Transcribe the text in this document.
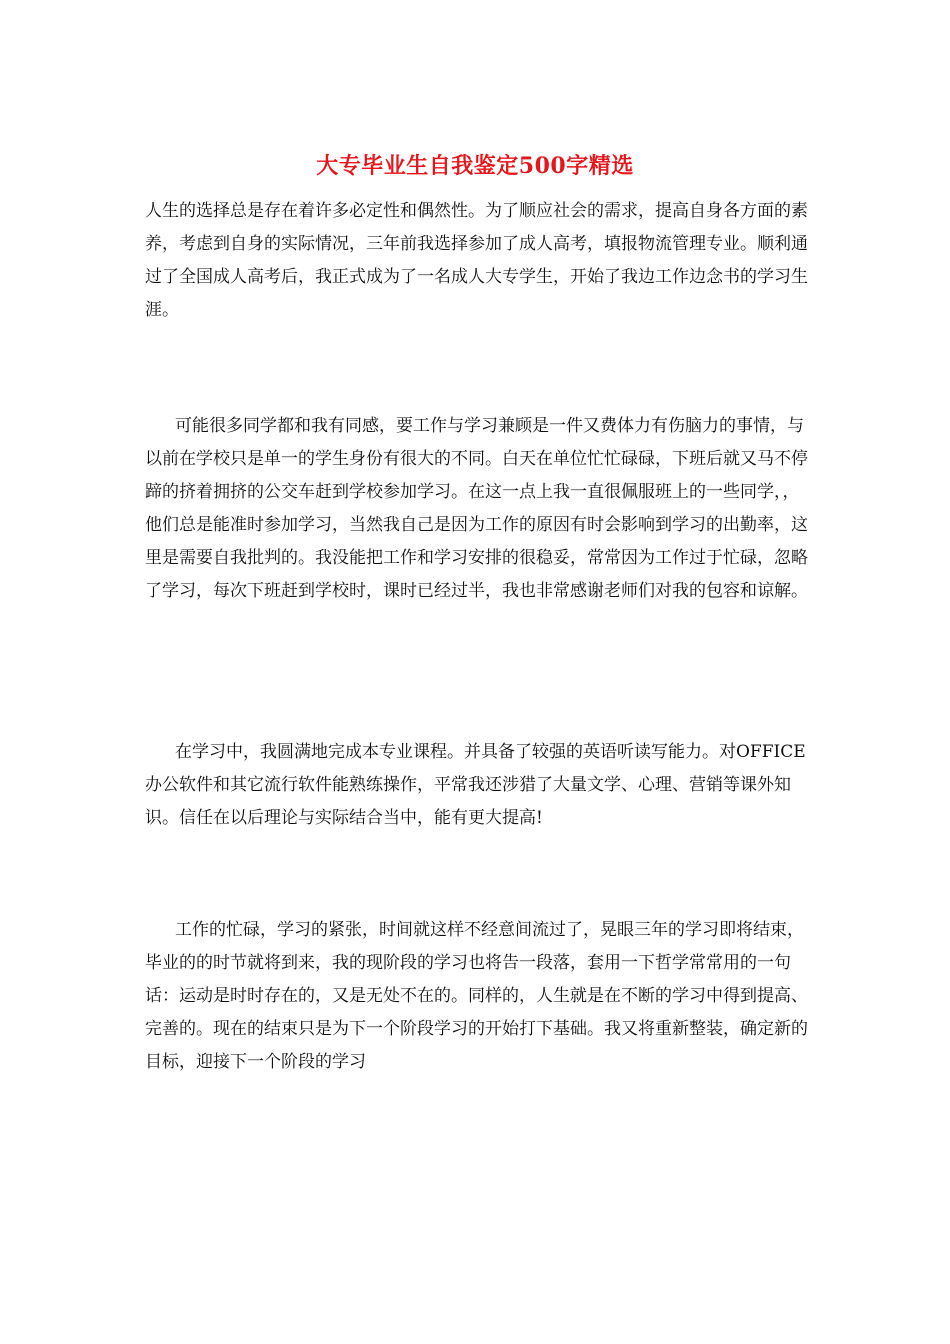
大专毕业生自我鉴定500字精选

人生的选择总是存在着许多必定性和偶然性。为了顺应社会的需求，提高自身各方面的素养，考虑到自身的实际情况，三年前我选择参加了成人高考，填报物流管理专业。顺利通过了全国成人高考后，我正式成为了一名成人大专学生，开始了我边工作边念书的学习生涯。

可能很多同学都和我有同感，要工作与学习兼顾是一件又费体力有伤脑力的事情，与以前在学校只是单一的学生身份有很大的不同。白天在单位忙忙碌碌，下班后就又马不停蹄的挤着拥挤的公交车赶到学校参加学习。在这一点上我一直很佩服班上的一些同学，，他们总是能准时参加学习，当然我自己是因为工作的原因有时会影响到学习的出勤率，这里是需要自我批判的。我没能把工作和学习安排的很稳妥，常常因为工作过于忙碌，忽略了学习，每次下班赶到学校时，课时已经过半，我也非常感谢老师们对我的包容和谅解。

在学习中，我圆满地完成本专业课程。并具备了较强的英语听读写能力。对OFFICE办公软件和其它流行软件能熟练操作，平常我还涉猎了大量文学、心理、营销等课外知识。信任在以后理论与实际结合当中，能有更大提高!

工作的忙碌，学习的紧张，时间就这样不经意间流过了，晃眼三年的学习即将结束，毕业的的时节就将到来，我的现阶段的学习也将告一段落，套用一下哲学常常用的一句话：运动是时时存在的，又是无处不在的。同样的，人生就是在不断的学习中得到提高、完善的。现在的结束只是为下一个阶段学习的开始打下基础。我又将重新整装，确定新的目标，迎接下一个阶段的学习
